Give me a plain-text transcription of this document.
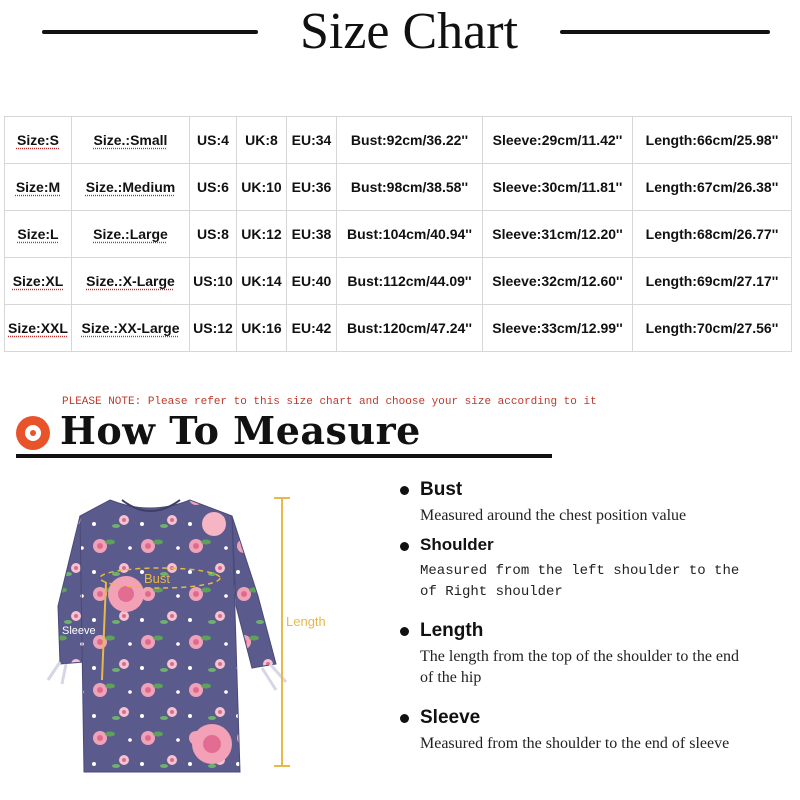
Size Chart
Size:S	Size.:Small	US:4	UK:8	EU:34	Bust:92cm/36.22''	Sleeve:29cm/11.42''	Length:66cm/25.98''
Size:M	Size.:Medium	US:6	UK:10	EU:36	Bust:98cm/38.58''	Sleeve:30cm/11.81''	Length:67cm/26.38''
Size:L	Size.:Large	US:8	UK:12	EU:38	Bust:104cm/40.94''	Sleeve:31cm/12.20''	Length:68cm/26.77''
Size:XL	Size.:X-Large	US:10	UK:14	EU:40	Bust:112cm/44.09''	Sleeve:32cm/12.60''	Length:69cm/27.17''
Size:XXL	Size.:XX-Large	US:12	UK:16	EU:42	Bust:120cm/47.24''	Sleeve:33cm/12.99''	Length:70cm/27.56''
PLEASE NOTE: Please refer to this size chart and choose your size according to it
How To Measure
Bust
Sleeve
Length
Bust
Measured around the chest position value
Shoulder
Measured from the left shoulder to the of Right shoulder
Length
The length from the top of the shoulder to the end of the hip
Sleeve
Measured from the shoulder to the end of sleeve
